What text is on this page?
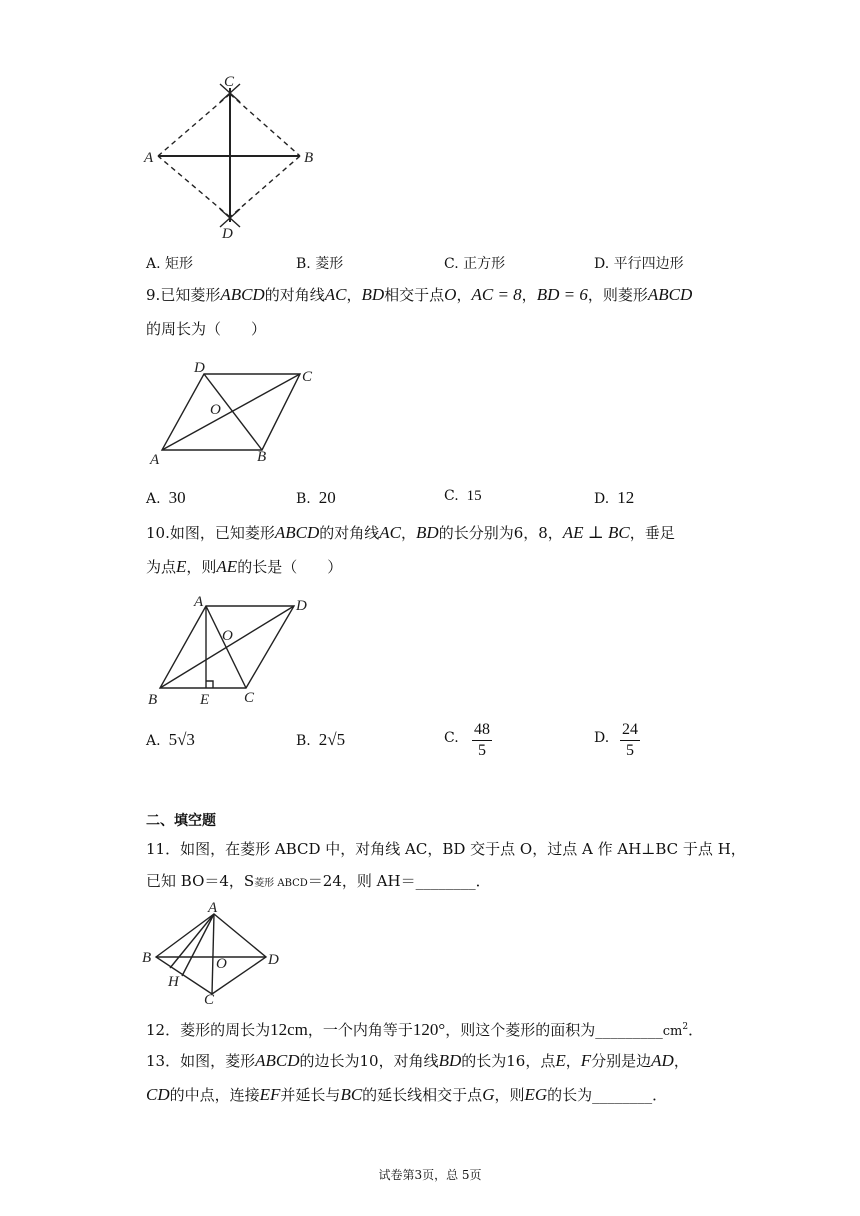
C
A	B
D
A. 矩形	B. 菱形	C. 正方形	D. 平行四边形
9.已知菱形ABCD的对角线AC，BD相交于点O，AC = 8，BD = 6，则菱形ABCD
的周长为（　　）
D
C
O
A	B
A. 30	B. 20	C. 15	D. 12
10.如图，已知菱形ABCD的对角线AC，BD的长分别为6，8，AE ⊥ BC，垂足
为点E，则AE的长是（　　）
A	D
O
B	E C
A. 5√3	B. 2√5	C.	D.
$\frac{48}{5}$	$\frac{24}{5}$
二、填空题
11．如图，在菱形 ABCD 中，对角线 AC，BD 交于点 O，过点 A 作 AH⊥BC 于点 H，
已知 BO＝4，S菱形 ABCD＝24，则 AH＝________．
A
B	D
O
H
C
12．菱形的周长为12cm，一个内角等于120°，则这个菱形的面积为$\_\_\_\_\_\_\_\_\_cm^2$．
13．如图，菱形ABCD的边长为10，对角线BD的长为16，点E，F分别是边AD，
CD的中点，连接EF并延长与BC的延长线相交于点G，则EG的长为________．
试卷第3页，总 5页
